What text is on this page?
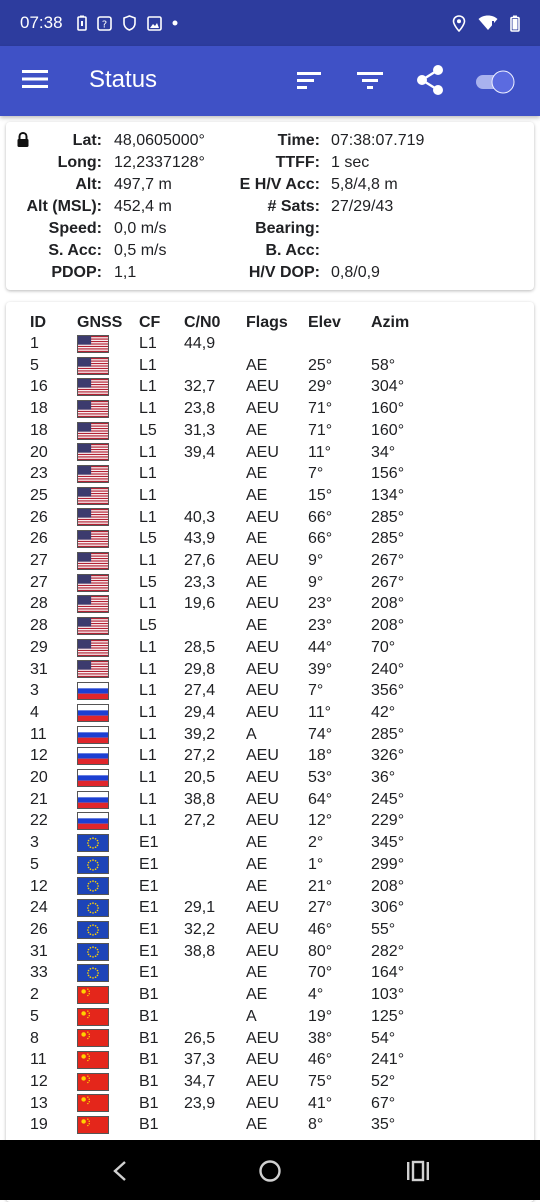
07:38	?
Status
Lat: 48,0605000°	Time: 07:38:07.719
Long: 12,2337128°	TTFF: 1 sec
Alt: 497,7 m	E H/V Acc: 5,8/4,8 m
Alt (MSL): 452,4 m	# Sats: 27/29/43
Speed: 0,0 m/s	Bearing:
S. Acc: 0,5 m/s	B. Acc:
PDOP: 1,1	H/V DOP: 0,8/0,9
ID	GNSS	CF	C/N0	Flags	Elev	Azim
1		L1	44,9			
5		L1		AE	25°	58°
16		L1	32,7	AEU	29°	304°
18		L1	23,8	AEU	71°	160°
18		L5	31,3	AE	71°	160°
20		L1	39,4	AEU	11°	34°
23		L1		AE	7°	156°
25		L1		AE	15°	134°
26		L1	40,3	AEU	66°	285°
26		L5	43,9	AE	66°	285°
27		L1	27,6	AEU	9°	267°
27		L5	23,3	AE	9°	267°
28		L1	19,6	AEU	23°	208°
28		L5		AE	23°	208°
29		L1	28,5	AEU	44°	70°
31		L1	29,8	AEU	39°	240°
3		L1	27,4	AEU	7°	356°
4		L1	29,4	AEU	11°	42°
11		L1	39,2	A	74°	285°
12		L1	27,2	AEU	18°	326°
20		L1	20,5	AEU	53°	36°
21		L1	38,8	AEU	64°	245°
22		L1	27,2	AEU	12°	229°
3		E1		AE	2°	345°
5		E1		AE	1°	299°
12		E1		AE	21°	208°
24		E1	29,1	AEU	27°	306°
26		E1	32,2	AEU	46°	55°
31		E1	38,8	AEU	80°	282°
33		E1		AE	70°	164°
2		B1		AE	4°	103°
5		B1		A	19°	125°
8		B1	26,5	AEU	38°	54°
11		B1	37,3	AEU	46°	241°
12		B1	34,7	AEU	75°	52°
13		B1	23,9	AEU	41°	67°
19		B1		AE	8°	35°
